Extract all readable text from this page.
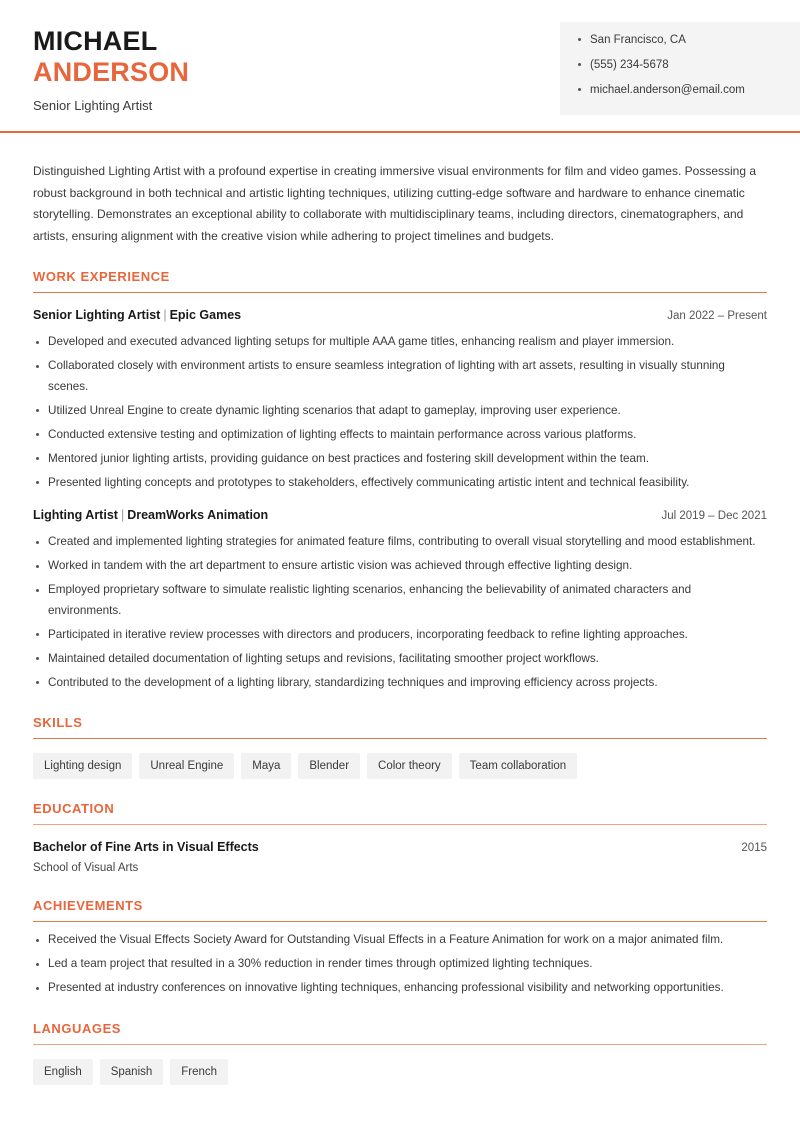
MICHAEL
ANDERSON
Senior Lighting Artist
San Francisco, CA
(555) 234-5678
michael.anderson@email.com

Distinguished Lighting Artist with a profound expertise in creating immersive visual environments for film and video games. Possessing a robust background in both technical and artistic lighting techniques, utilizing cutting-edge software and hardware to enhance cinematic storytelling. Demonstrates an exceptional ability to collaborate with multidisciplinary teams, including directors, cinematographers, and artists, ensuring alignment with the creative vision while adhering to project timelines and budgets.

WORK EXPERIENCE
Senior Lighting Artist | Epic Games	Jan 2022 – Present
Developed and executed advanced lighting setups for multiple AAA game titles, enhancing realism and player immersion.
Collaborated closely with environment artists to ensure seamless integration of lighting with art assets, resulting in visually stunning scenes.
Utilized Unreal Engine to create dynamic lighting scenarios that adapt to gameplay, improving user experience.
Conducted extensive testing and optimization of lighting effects to maintain performance across various platforms.
Mentored junior lighting artists, providing guidance on best practices and fostering skill development within the team.
Presented lighting concepts and prototypes to stakeholders, effectively communicating artistic intent and technical feasibility.
Lighting Artist | DreamWorks Animation	Jul 2019 – Dec 2021
Created and implemented lighting strategies for animated feature films, contributing to overall visual storytelling and mood establishment.
Worked in tandem with the art department to ensure artistic vision was achieved through effective lighting design.
Employed proprietary software to simulate realistic lighting scenarios, enhancing the believability of animated characters and environments.
Participated in iterative review processes with directors and producers, incorporating feedback to refine lighting approaches.
Maintained detailed documentation of lighting setups and revisions, facilitating smoother project workflows.
Contributed to the development of a lighting library, standardizing techniques and improving efficiency across projects.
SKILLS
Lighting design	Unreal Engine	Maya	Blender	Color theory	Team collaboration
EDUCATION
Bachelor of Fine Arts in Visual Effects	2015
School of Visual Arts
ACHIEVEMENTS
Received the Visual Effects Society Award for Outstanding Visual Effects in a Feature Animation for work on a major animated film.
Led a team project that resulted in a 30% reduction in render times through optimized lighting techniques.
Presented at industry conferences on innovative lighting techniques, enhancing professional visibility and networking opportunities.
LANGUAGES
English	Spanish	French
